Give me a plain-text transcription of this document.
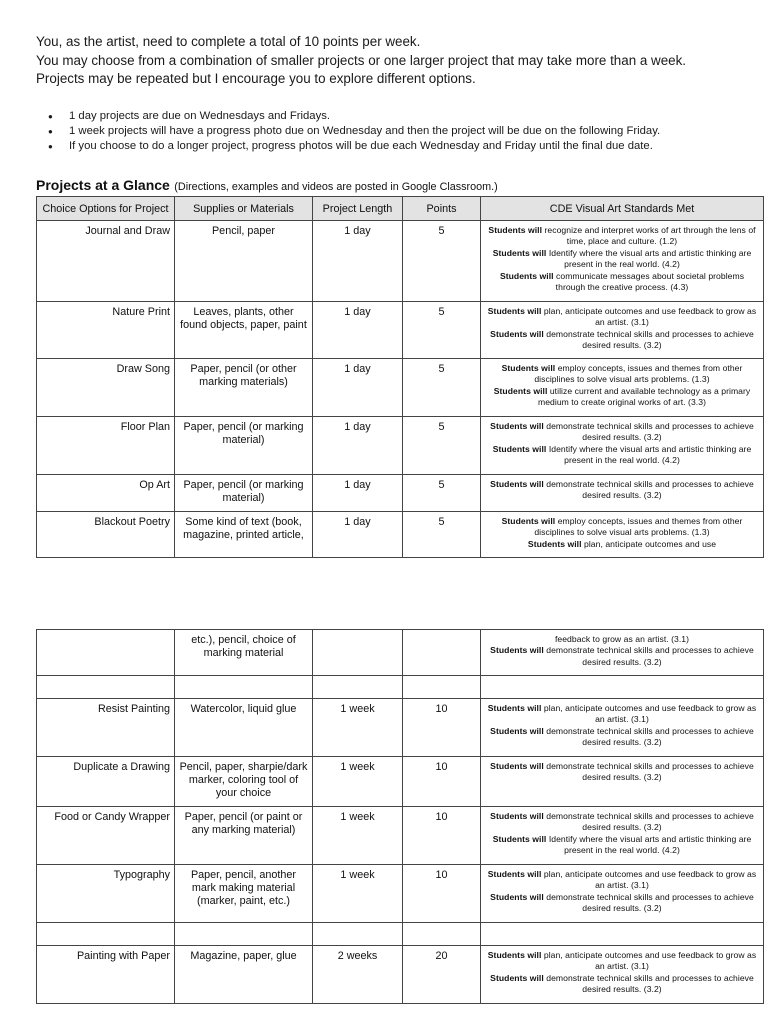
You, as the artist, need to complete a total of 10 points per week.

You may choose from a combination of smaller projects or one larger project that may take more than a week.

Projects may be repeated but I encourage you to explore different options.

● 1 day projects are due on Wednesdays and Fridays.
● 1 week projects will have a progress photo due on Wednesday and then the project will be due on the following Friday.
● If you choose to do a longer project, progress photos will be due each Wednesday and Friday until the final due date.
Projects at a Glance (Directions, examples and videos are posted in Google Classroom.)
Choice Options for Project	Supplies or Materials	Project Length	Points	CDE Visual Art Standards Met
Journal and Draw	Pencil, paper	1 day	5	Students will recognize and interpret works of art through the lens of time, place and culture. (1.2)
Students will Identify where the visual arts and artistic thinking are present in the real world. (4.2)
Students will communicate messages about societal problems through the creative process. (4.3)

Nature Print	Leaves, plants, other found objects, paper, paint	1 day	5	Students will plan, anticipate outcomes and use feedback to grow as an artist. (3.1)
Students will demonstrate technical skills and processes to achieve desired results. (3.2)

Draw Song	Paper, pencil (or other marking materials)	1 day	5	Students will employ concepts, issues and themes from other disciplines to solve visual arts problems. (1.3)
Students will utilize current and available technology as a primary medium to create original works of art. (3.3)

Floor Plan	Paper, pencil (or marking material)	1 day	5	Students will demonstrate technical skills and processes to achieve desired results. (3.2)
Students will Identify where the visual arts and artistic thinking are present in the real world. (4.2)

Op Art	Paper, pencil (or marking material)	1 day	5	Students will demonstrate technical skills and processes to achieve desired results. (3.2)

Blackout Poetry	Some kind of text (book, magazine, printed article,	1 day	5	Students will employ concepts, issues and themes from other disciplines to solve visual arts problems. (1.3)
Students will plan, anticipate outcomes and use
	etc.), pencil, choice of marking material			feedback to grow as an artist. (3.1)
Students will demonstrate technical skills and processes to achieve desired results. (3.2)

Resist Painting	Watercolor, liquid glue	1 week	10	Students will plan, anticipate outcomes and use feedback to grow as an artist. (3.1)
Students will demonstrate technical skills and processes to achieve desired results. (3.2)

Duplicate a Drawing	Pencil, paper, sharpie/dark marker, coloring tool of your choice	1 week	10	Students will demonstrate technical skills and processes to achieve desired results. (3.2)

Food or Candy Wrapper	Paper, pencil (or paint or any marking material)	1 week	10	Students will demonstrate technical skills and processes to achieve desired results. (3.2)
Students will Identify where the visual arts and artistic thinking are present in the real world. (4.2)

Typography	Paper, pencil, another mark making material (marker, paint, etc.)	1 week	10	Students will plan, anticipate outcomes and use feedback to grow as an artist. (3.1)
Students will demonstrate technical skills and processes to achieve desired results. (3.2)

Painting with Paper	Magazine, paper, glue	2 weeks	20	Students will plan, anticipate outcomes and use feedback to grow as an artist. (3.1)
Students will demonstrate technical skills and processes to achieve desired results. (3.2)
